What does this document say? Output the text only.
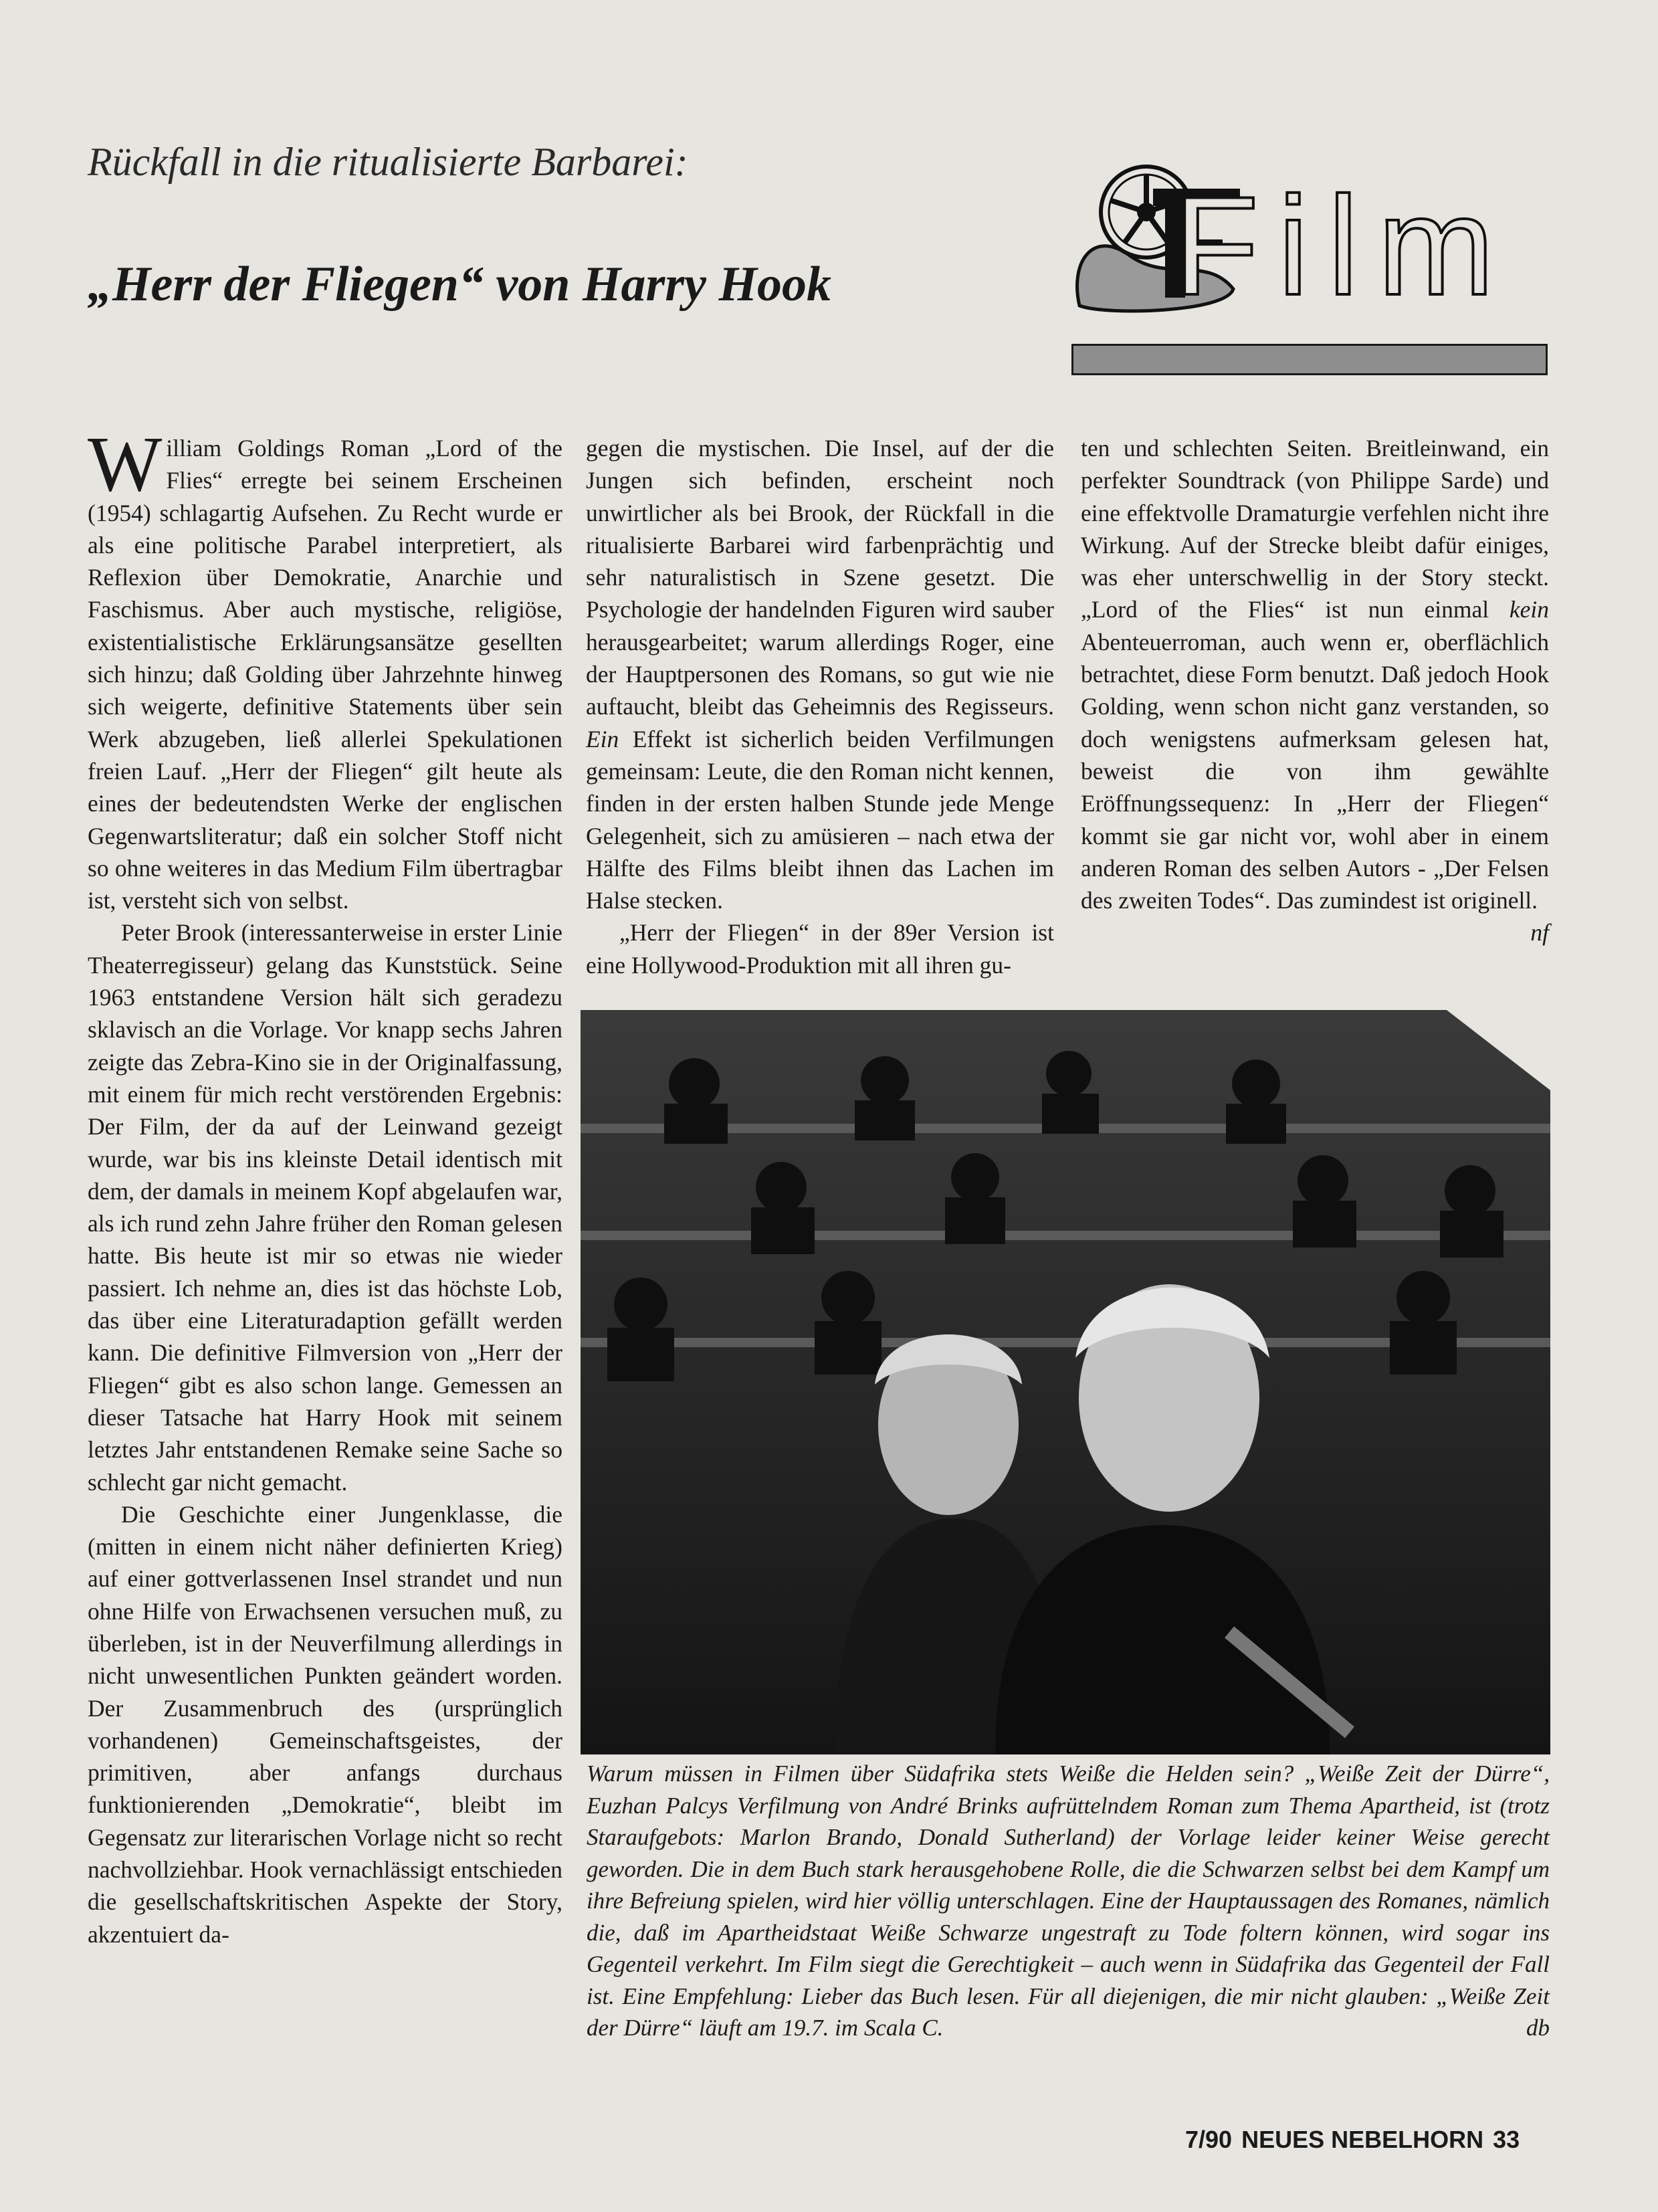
Rückfall in die ritualisierte Barbarei:
„Herr der Fliegen“ von Harry Hook Film

William Goldings Roman „Lord of the Flies“ erregte bei seinem Erscheinen (1954) schlagartig Aufsehen. Zu Recht wurde er als eine politische Parabel interpretiert, als Reflexion über Demokratie, Anarchie und Faschismus. Aber auch mystische, religiöse, existentialistische Erklärungsansätze gesellten sich hinzu; daß Golding über Jahrzehnte hinweg sich weigerte, definitive Statements über sein Werk abzugeben, ließ allerlei Spekulationen freien Lauf. „Herr der Fliegen“ gilt heute als eines der bedeutendsten Werke der englischen Gegenwartsliteratur; daß ein solcher Stoff nicht so ohne weiteres in das Medium Film übertragbar ist, versteht sich von selbst.

Peter Brook (interessanterweise in erster Linie Theaterregisseur) gelang das Kunststück. Seine 1963 entstandene Version hält sich geradezu sklavisch an die Vorlage. Vor knapp sechs Jahren zeigte das Zebra-Kino sie in der Originalfassung, mit einem für mich recht verstörenden Ergebnis: Der Film, der da auf der Leinwand gezeigt wurde, war bis ins kleinste Detail identisch mit dem, der damals in meinem Kopf abgelaufen war, als ich rund zehn Jahre früher den Roman gelesen hatte. Bis heute ist mir so etwas nie wieder passiert. Ich nehme an, dies ist das höchste Lob, das über eine Literaturadaption gefällt werden kann. Die definitive Filmversion von „Herr der Fliegen“ gibt es also schon lange. Gemessen an dieser Tatsache hat Harry Hook mit seinem letztes Jahr entstandenen Remake seine Sache so schlecht gar nicht gemacht.

Die Geschichte einer Jungenklasse, die (mitten in einem nicht näher definierten Krieg) auf einer gottverlassenen Insel strandet und nun ohne Hilfe von Erwachsenen versuchen muß, zu überleben, ist in der Neuverfilmung allerdings in nicht unwesentlichen Punkten geändert worden. Der Zusammenbruch des (ursprünglich vorhandenen) Gemeinschaftsgeistes, der primitiven, aber anfangs durchaus funktionierenden „Demokratie“, bleibt im Gegensatz zur literarischen Vorlage nicht so recht nachvollziehbar. Hook vernachlässigt entschieden die gesellschaftskritischen Aspekte der Story, akzentuiert da-

gegen die mystischen. Die Insel, auf der die Jungen sich befinden, erscheint noch unwirtlicher als bei Brook, der Rückfall in die ritualisierte Barbarei wird farbenprächtig und sehr naturalistisch in Szene gesetzt. Die Psychologie der handelnden Figuren wird sauber herausgearbeitet; warum allerdings Roger, eine der Hauptpersonen des Romans, so gut wie nie auftaucht, bleibt das Geheimnis des Regisseurs. Ein Effekt ist sicherlich beiden Verfilmungen gemeinsam: Leute, die den Roman nicht kennen, finden in der ersten halben Stunde jede Menge Gelegenheit, sich zu amüsieren – nach etwa der Hälfte des Films bleibt ihnen das Lachen im Halse stecken.

„Herr der Fliegen“ in der 89er Version ist eine Hollywood-Produktion mit all ihren gu-

ten und schlechten Seiten. Breitleinwand, ein perfekter Soundtrack (von Philippe Sarde) und eine effektvolle Dramaturgie verfehlen nicht ihre Wirkung. Auf der Strecke bleibt dafür einiges, was eher unterschwellig in der Story steckt. „Lord of the Flies“ ist nun einmal kein Abenteuerroman, auch wenn er, oberflächlich betrachtet, diese Form benutzt. Daß jedoch Hook Golding, wenn schon nicht ganz verstanden, so doch wenigstens aufmerksam gelesen hat, beweist die von ihm gewählte Eröffnungssequenz: In „Herr der Fliegen“ kommt sie gar nicht vor, wohl aber in einem anderen Roman des selben Autors - „Der Felsen des zweiten Todes“. Das zumindest ist originell.
nf

Warum müssen in Filmen über Südafrika stets Weiße die Helden sein? „Weiße Zeit der Dürre“, Euzhan Palcys Verfilmung von André Brinks aufrüttelndem Roman zum Thema Apartheid, ist (trotz Staraufgebots: Marlon Brando, Donald Sutherland) der Vorlage leider keiner Weise gerecht geworden. Die in dem Buch stark herausgehobene Rolle, die die Schwarzen selbst bei dem Kampf um ihre Befreiung spielen, wird hier völlig unterschlagen. Eine der Hauptaussagen des Romanes, nämlich die, daß im Apartheidstaat Weiße Schwarze ungestraft zu Tode foltern können, wird sogar ins Gegenteil verkehrt. Im Film siegt die Gerechtigkeit – auch wenn in Südafrika das Gegenteil der Fall ist. Eine Empfehlung: Lieber das Buch lesen. Für all diejenigen, die mir nicht glauben: „Weiße Zeit der Dürre“ läuft am 19.7. im Scala C.	db
7/90 NEUES NEBELHORN 33
